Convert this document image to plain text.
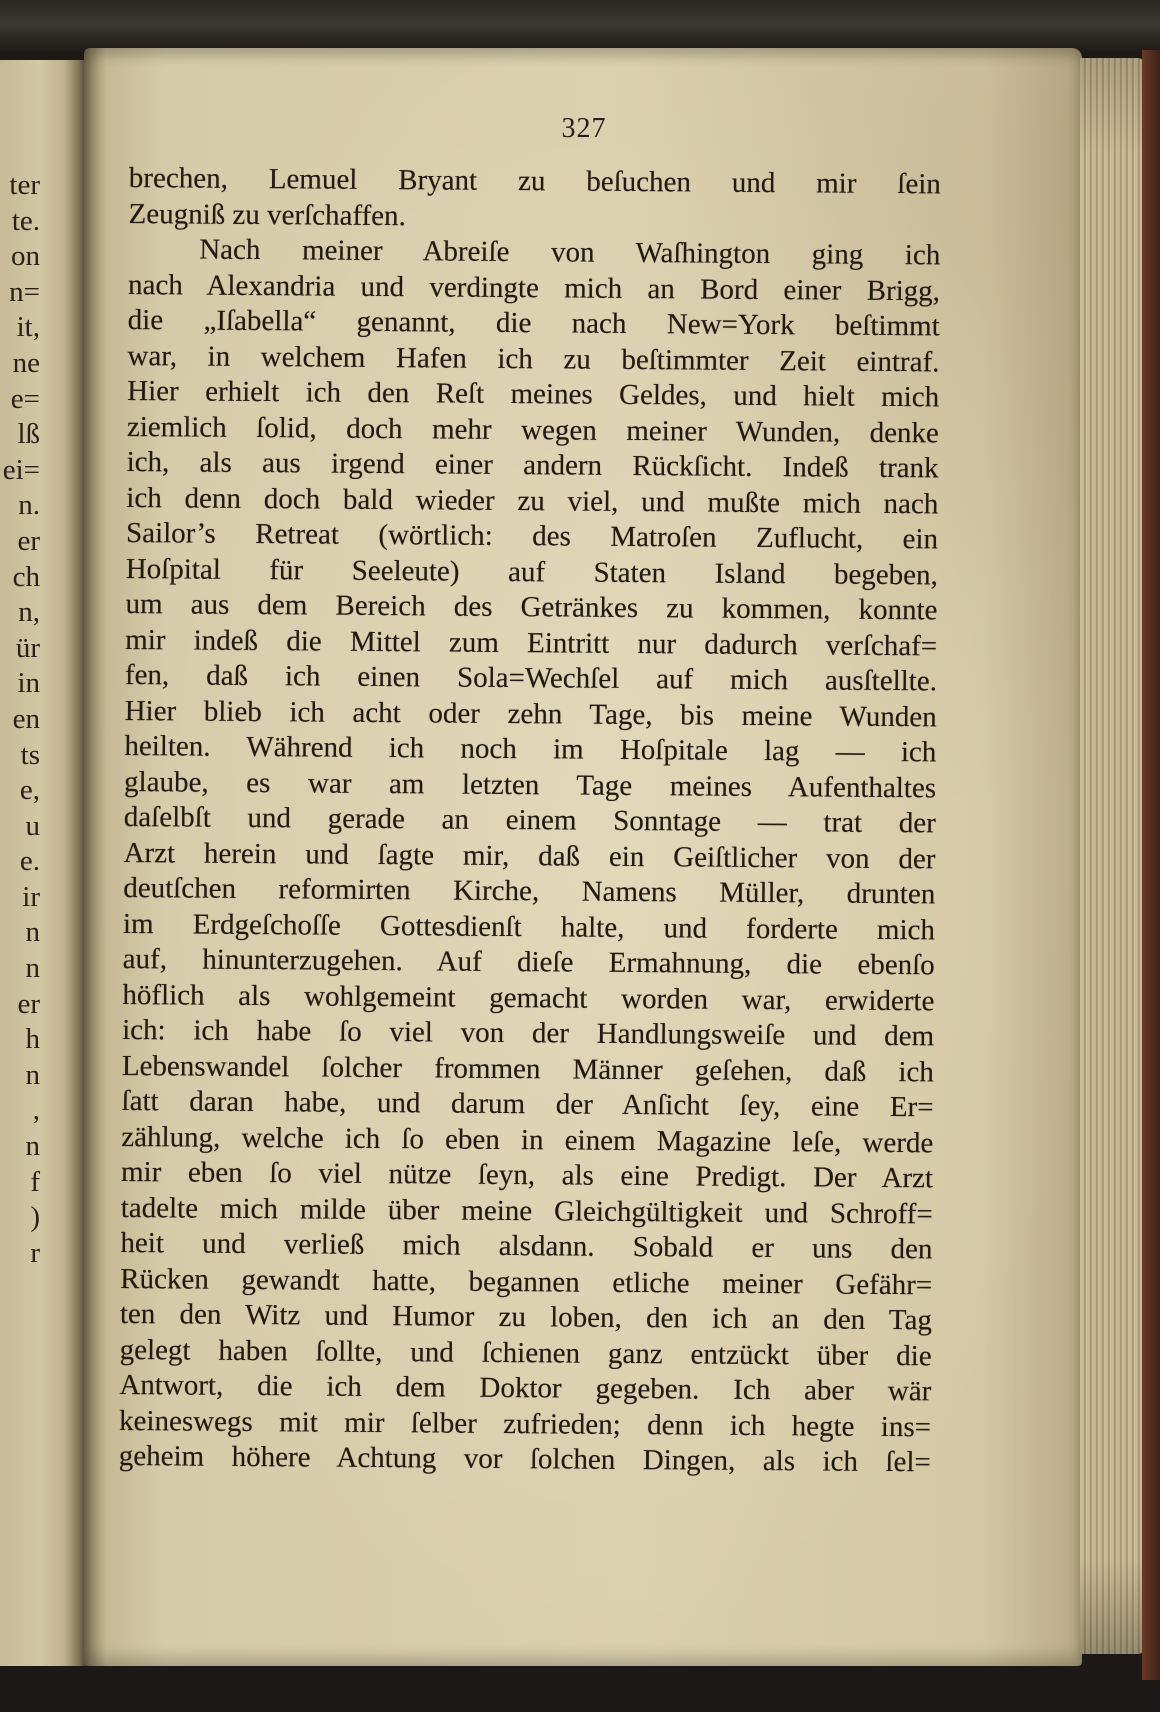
ter
te.
on
n=
it,
ne
e=
lß
ei=
n.
er
ch
n,
ür
in
en
ts
e,
u
e.
ir
n
n
er
h
n
,
n
f
)
r
327
brechen, Lemuel Bryant zu beſuchen und mir ſein
Zeugniß zu verſchaffen.
Nach meiner Abreiſe von Waſhington ging ich
nach Alexandria und verdingte mich an Bord einer Brigg,
die „Iſabella“ genannt, die nach New=York beſtimmt
war, in welchem Hafen ich zu beſtimmter Zeit eintraf.
Hier erhielt ich den Reſt meines Geldes, und hielt mich
ziemlich ſolid, doch mehr wegen meiner Wunden, denke
ich, als aus irgend einer andern Rückſicht. Indeß trank
ich denn doch bald wieder zu viel, und mußte mich nach
Sailor’s Retreat (wörtlich: des Matroſen Zuflucht, ein
Hoſpital für Seeleute) auf Staten Island begeben,
um aus dem Bereich des Getränkes zu kommen, konnte
mir indeß die Mittel zum Eintritt nur dadurch verſchaf=
fen, daß ich einen Sola=Wechſel auf mich ausſtellte.
Hier blieb ich acht oder zehn Tage, bis meine Wunden
heilten. Während ich noch im Hoſpitale lag — ich
glaube, es war am letzten Tage meines Aufenthaltes
daſelbſt und gerade an einem Sonntage — trat der
Arzt herein und ſagte mir, daß ein Geiſtlicher von der
deutſchen reformirten Kirche, Namens Müller, drunten
im Erdgeſchoſſe Gottesdienſt halte, und forderte mich
auf, hinunterzugehen. Auf dieſe Ermahnung, die ebenſo
höflich als wohlgemeint gemacht worden war, erwiderte
ich: ich habe ſo viel von der Handlungsweiſe und dem
Lebenswandel ſolcher frommen Männer geſehen, daß ich
ſatt daran habe, und darum der Anſicht ſey, eine Er=
zählung, welche ich ſo eben in einem Magazine leſe, werde
mir eben ſo viel nütze ſeyn, als eine Predigt. Der Arzt
tadelte mich milde über meine Gleichgültigkeit und Schroff=
heit und verließ mich alsdann. Sobald er uns den
Rücken gewandt hatte, begannen etliche meiner Gefähr=
ten den Witz und Humor zu loben, den ich an den Tag
gelegt haben ſollte, und ſchienen ganz entzückt über die
Antwort, die ich dem Doktor gegeben. Ich aber wär
keineswegs mit mir ſelber zufrieden; denn ich hegte ins=
geheim höhere Achtung vor ſolchen Dingen, als ich ſel=
